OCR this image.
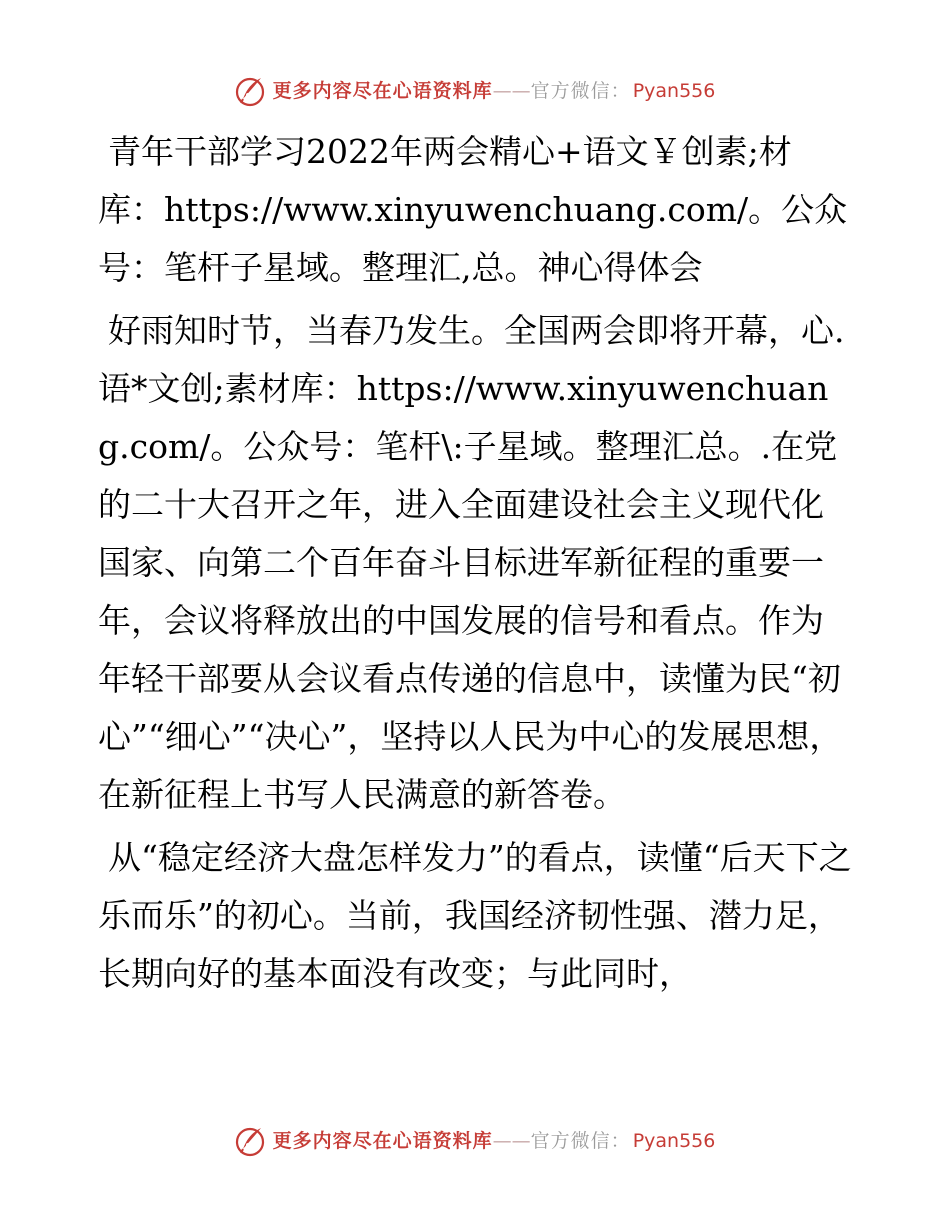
更多内容尽在心语资料库 —— 官方微信： Pyan556

青年干部学习2022年两会精心+语文￥创素;材库：https://www.xinyuwenchuang.com/。公众号：笔杆子星域。整理汇,总。神心得体会

好雨知时节，当春乃发生。全国两会即将开幕，心.语*文创;素材库：https://www.xinyuwenchuang.com/。公众号：笔杆\:子星域。整理汇总。.在党的二十大召开之年，进入全面建设社会主义现代化国家、向第二个百年奋斗目标进军新征程的重要一年，会议将释放出的中国发展的信号和看点。作为年轻干部要从会议看点传递的信息中，读懂为民“初心”“细心”“决心”，坚持以人民为中心的发展思想，在新征程上书写人民满意的新答卷。

从“稳定经济大盘怎样发力”的看点，读懂“后天下之乐而乐”的初心。当前，我国经济韧性强、潜力足，长期向好的基本面没有改变；与此同时，

更多内容尽在心语资料库 —— 官方微信： Pyan556
